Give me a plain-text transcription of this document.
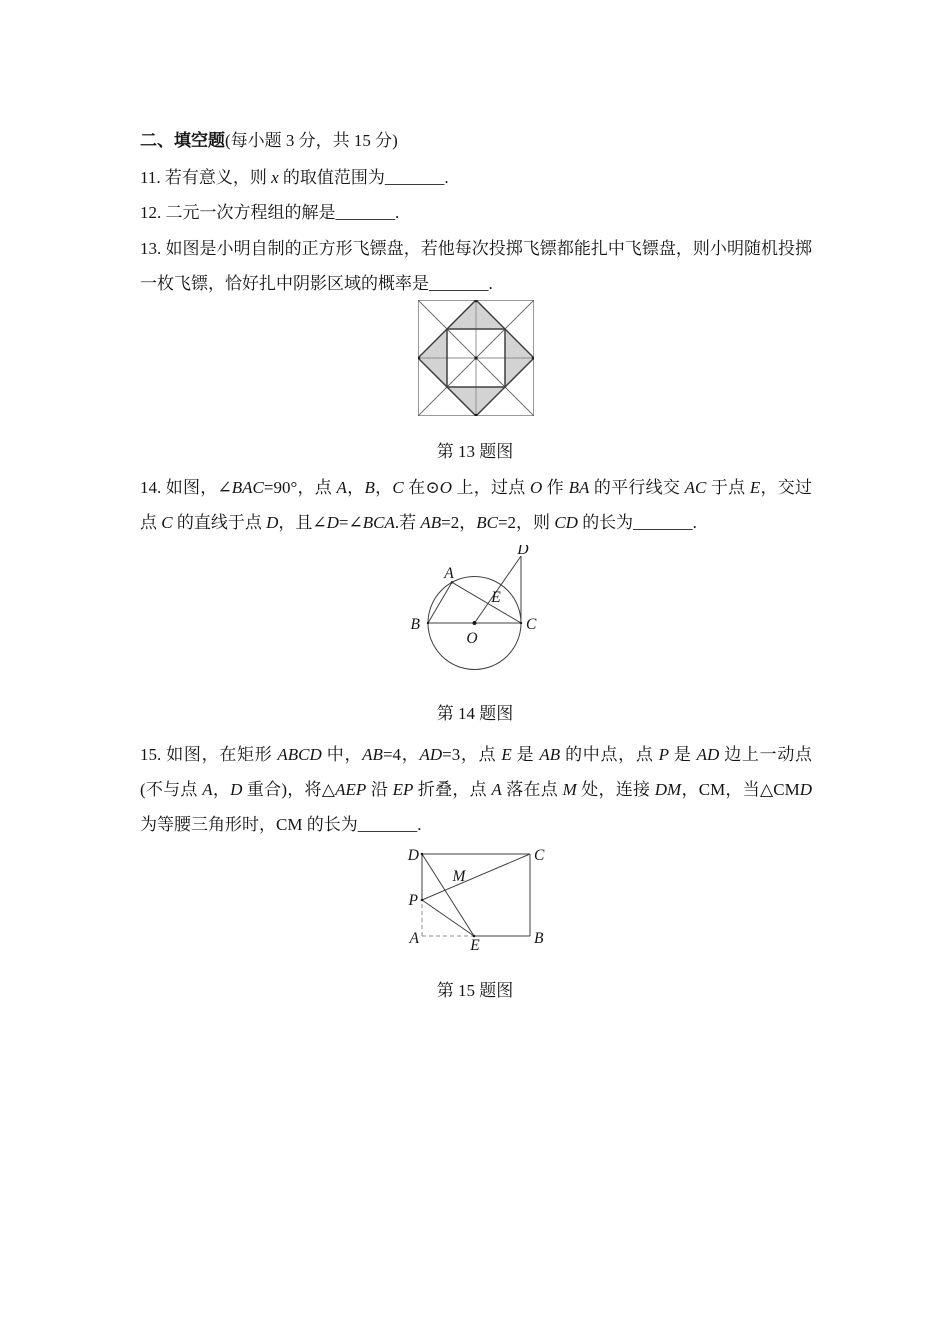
二、填空题(每小题 3 分，共 15 分)
11. 若有意义，则 x 的取值范围为_______.
12. 二元一次方程组的解是_______.
13. 如图是小明自制的正方形飞镖盘，若他每次投掷飞镖都能扎中飞镖盘，则小明随机投掷
一枚飞镖，恰好扎中阴影区域的概率是_______.
第 13 题图
14. 如图，∠BAC=90°，点 A，B，C 在⊙O 上，过点 O 作 BA 的平行线交 AC 于点 E，交过
点 C 的直线于点 D，且∠D=∠BCA.若 AB=2，BC=2，则 CD 的长为_______.
A
B	C
D
E
O
第 14 题图
15. 如图，在矩形 ABCD 中，AB=4，AD=3，点 E 是 AB 的中点，点 P 是 AD 边上一动点
(不与点 A，D 重合)，将△AEP 沿 EP 折叠，点 A 落在点 M 处，连接 DM，CM，当△CMD
为等腰三角形时，CM 的长为_______.
D	C
A	B
E
P
M
第 15 题图
